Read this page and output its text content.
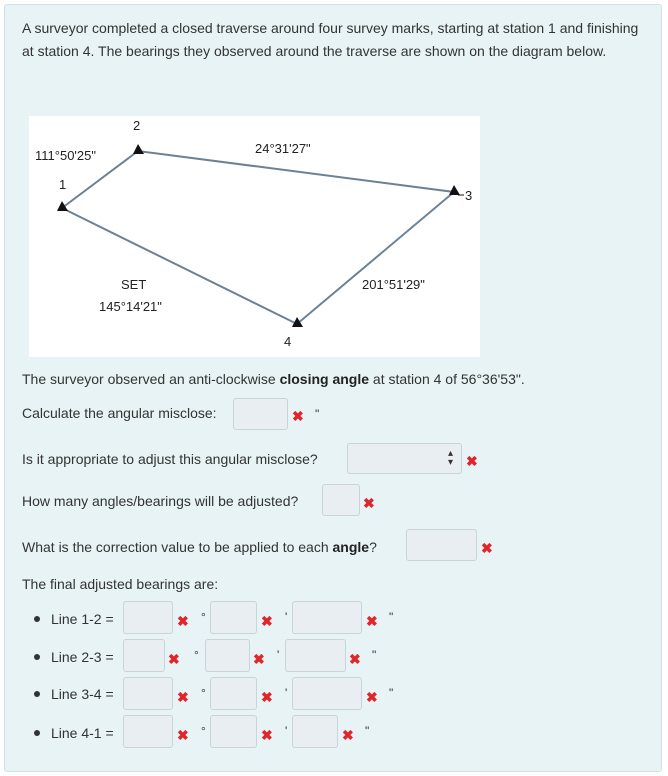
A surveyor completed a closed traverse around four survey marks, starting at station 1 and finishing at station 4. The bearings they observed around the traverse are shown on the diagram below.
1
2
3
4
111°50'25"	24°31'27"
201°51'29"
SET
145°14'21"
The surveyor observed an anti-clockwise closing angle at station 4 of 56°36'53".
Calculate the angular misclose:	✖ "
Is it appropriate to adjust this angular misclose?	▴
▾ ✖
How many angles/bearings will be adjusted?	✖
What is the correction value to be applied to each angle?	✖
The final adjusted bearings are:
Line 1-2 =	✖ °	✖ '	✖ "
Line 2-3 =	✖ °	✖ '	✖ "
Line 3-4 =	✖ °	✖ '	✖ "
Line 4-1 =	✖ °	✖ '	✖ "
